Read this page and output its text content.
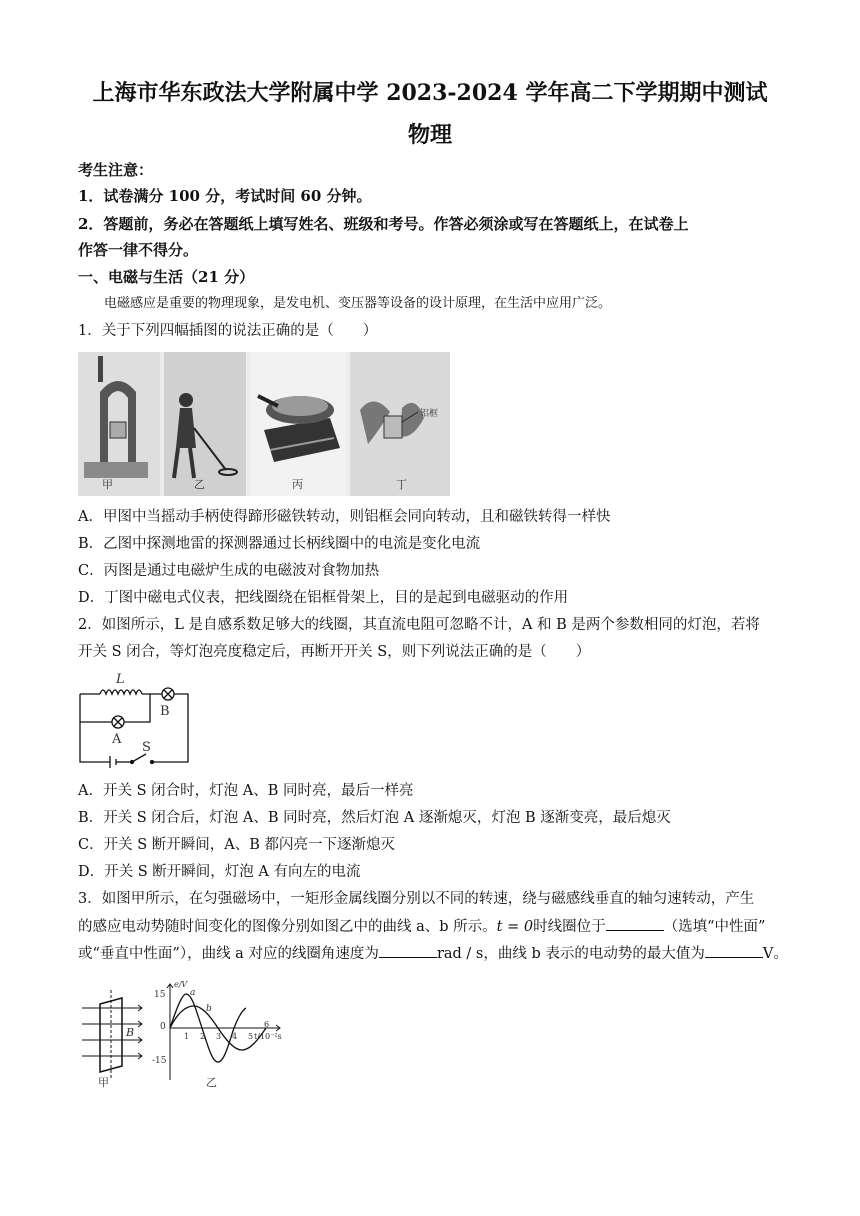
上海市华东政法大学附属中学 2023-2024 学年高二下学期期中测试
物理
考生注意：
1．试卷满分 100 分，考试时间 60 分钟。
2．答题前，务必在答题纸上填写姓名、班级和考号。作答必须涂或写在答题纸上，在试卷上
作答一律不得分。
一、电磁与生活（21 分）
电磁感应是重要的物理现象，是发电机、变压器等设备的设计原理，在生活中应用广泛。
1．关于下列四幅插图的说法正确的是（　　）
甲	乙	丙	丁
铝框
A．甲图中当摇动手柄使得蹄形磁铁转动，则铝框会同向转动，且和磁铁转得一样快
B．乙图中探测地雷的探测器通过长柄线圈中的电流是变化电流
C．丙图是通过电磁炉生成的电磁波对食物加热
D．丁图中磁电式仪表，把线圈绕在铝框骨架上，目的是起到电磁驱动的作用
2．如图所示，L 是自感系数足够大的线圈，其直流电阻可忽略不计，A 和 B 是两个参数相同的灯泡，若将
开关 S 闭合，等灯泡亮度稳定后，再断开开关 S，则下列说法正确的是（　　）
L
A
B
S
A．开关 S 闭合时，灯泡 A、B 同时亮，最后一样亮
B．开关 S 闭合后，灯泡 A、B 同时亮，然后灯泡 A 逐渐熄灭，灯泡 B 逐渐变亮，最后熄灭
C．开关 S 断开瞬间，A、B 都闪亮一下逐渐熄灭
D．开关 S 断开瞬间，灯泡 A 有向左的电流
3．如图甲所示，在匀强磁场中，一矩形金属线圈分别以不同的转速，绕与磁感线垂直的轴匀速转动，产生
的感应电动势随时间变化的图像分别如图乙中的曲线 a、b 所示。t = 0时线圈位于	（选填“中性面”
或“垂直中性面”），曲线 a 对应的线圈角速度为	rad / s，曲线 b 表示的电动势的最大值为	V。
B
甲
15
0
-15
e/V
t/10⁻²s
a
b
1 2 3 4 5
6
乙
